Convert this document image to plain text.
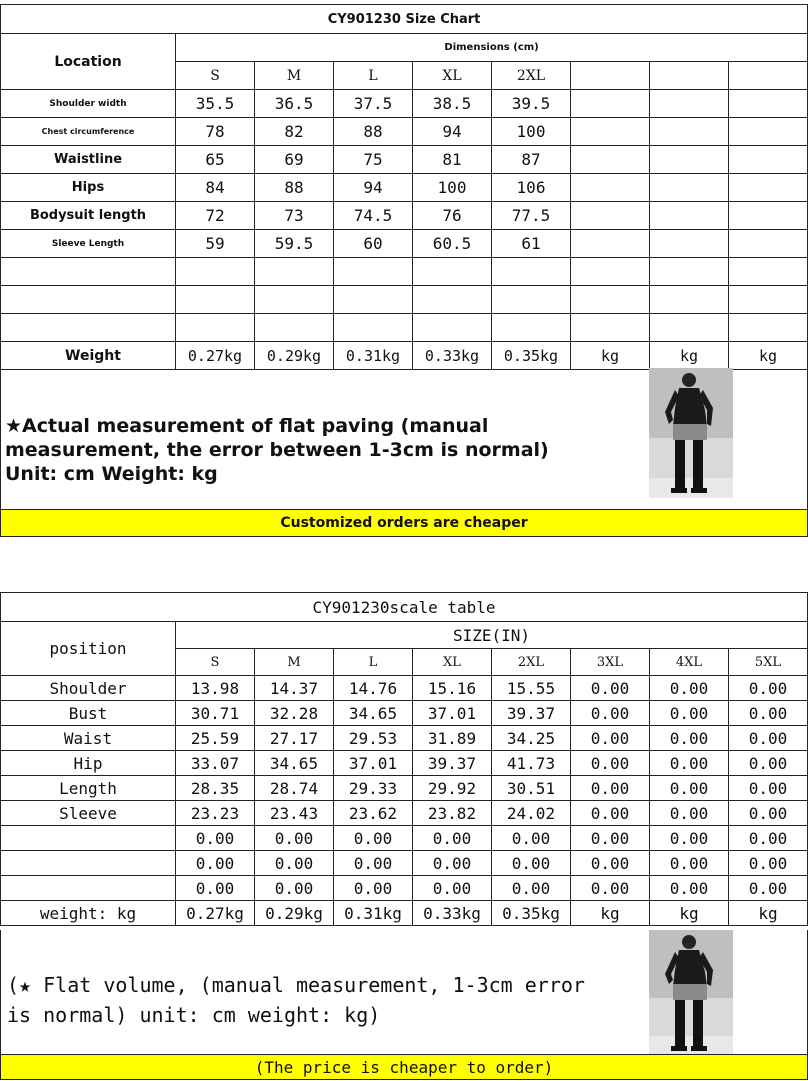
CY901230 Size Chart								
Location	Dimensions (cm)							
	S	M	L	XL	2XL			
Shoulder width	35.5	36.5	37.5	38.5	39.5			
Chest circumference	78	82	88	94	100			
Waistline	65	69	75	81	87			
Hips	84	88	94	100	106			
Bodysuit length	72	73	74.5	76	77.5			
Sleeve Length	59	59.5	60	60.5	61			

Weight	0.27kg	0.29kg	0.31kg	0.33kg	0.35kg	kg	kg	kg
★Actual measurement of flat paving (manual measurement, the error between 1-3cm is normal) Unit: cm Weight: kg
Customized orders are cheaper
CY901230scale table								
position	SIZE(IN)							
	S	M	L	XL	2XL	3XL	4XL	5XL
Shoulder	13.98	14.37	14.76	15.16	15.55	0.00	0.00	0.00
Bust	30.71	32.28	34.65	37.01	39.37	0.00	0.00	0.00
Waist	25.59	27.17	29.53	31.89	34.25	0.00	0.00	0.00
Hip	33.07	34.65	37.01	39.37	41.73	0.00	0.00	0.00
Length	28.35	28.74	29.33	29.92	30.51	0.00	0.00	0.00
Sleeve	23.23	23.43	23.62	23.82	24.02	0.00	0.00	0.00
	0.00	0.00	0.00	0.00	0.00	0.00	0.00	0.00
	0.00	0.00	0.00	0.00	0.00	0.00	0.00	0.00
	0.00	0.00	0.00	0.00	0.00	0.00	0.00	0.00
weight: kg	0.27kg	0.29kg	0.31kg	0.33kg	0.35kg	kg	kg	kg
(★ Flat volume, (manual measurement, 1-3cm error is normal) unit: cm weight: kg)
(The price is cheaper to order)
